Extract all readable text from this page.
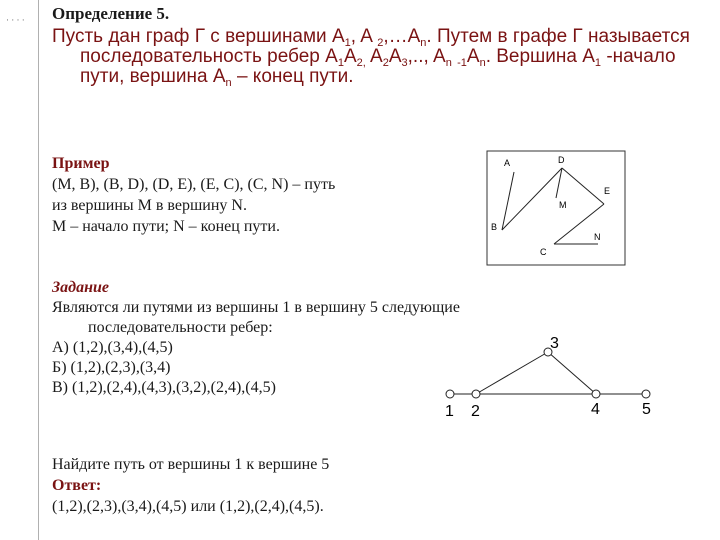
· · · · Определение 5.

Пусть дан граф Г с вершинами $A_1$, A $_2,\dots A_n$. Путем в графе Г называется последовательность ребер $A_1A_{2,}$ $A_2A_3$,.., $A_n$ $_{-1}A_n$. Вершина $A_1$ -начало пути, вершина $A_n$ – конец пути.

Пример
(M, B), (B, D), (D, E), (E, C), (C, N) – путь
из вершины M в вершину N.
M – начало пути; N – конец пути.
A	D
E
M
B
C
N
Задание
Являются ли путями из вершины 1 в вершину 5 следующие
последовательности ребер:
А) (1,2),(3,4),(4,5)
Б) (1,2),(2,3),(3,4)
В) (1,2),(2,4),(4,3),(3,2),(2,4),(4,5)
1 2
3
4	5
Найдите путь от вершины 1 к вершине 5
Ответ:
(1,2),(2,3),(3,4),(4,5) или (1,2),(2,4),(4,5).
